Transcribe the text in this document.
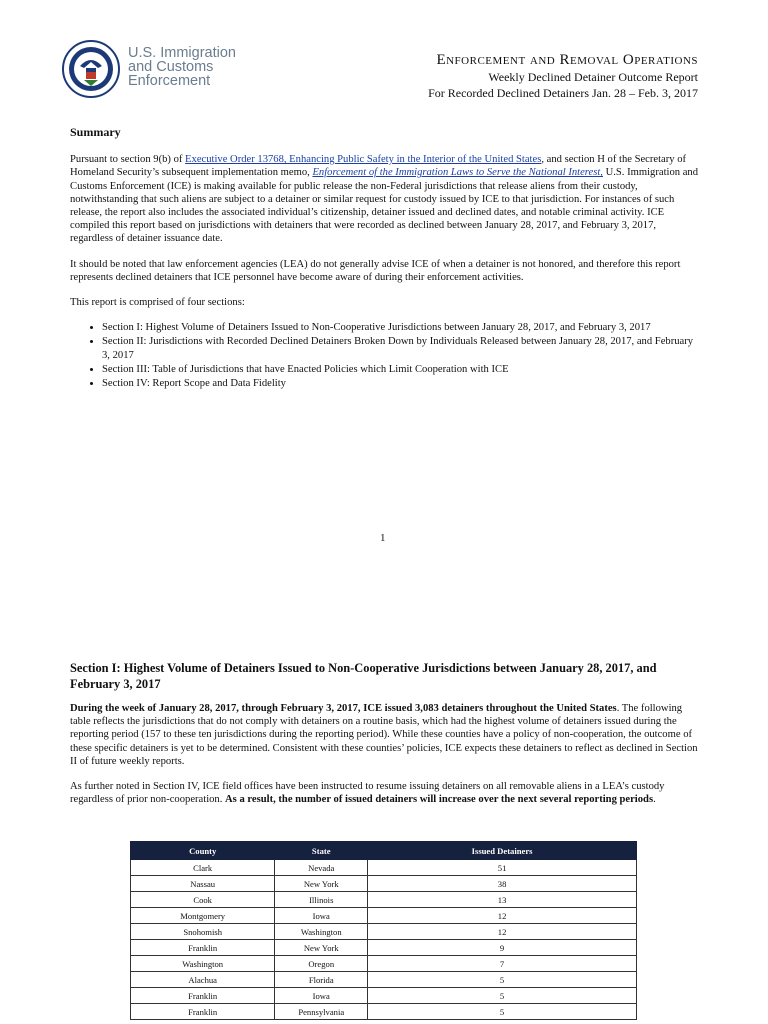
U.S. Immigration
and Customs
Enforcement
Enforcement and Removal Operations
Weekly Declined Detainer Outcome Report
For Recorded Declined Detainers Jan. 28 – Feb. 3, 2017
Summary

Pursuant to section 9(b) of Executive Order 13768, Enhancing Public Safety in the Interior of the United States, and section H of the Secretary of Homeland Security’s subsequent implementation memo, Enforcement of the Immigration Laws to Serve the National Interest, U.S. Immigration and Customs Enforcement (ICE) is making available for public release the non-Federal jurisdictions that release aliens from their custody, notwithstanding that such aliens are subject to a detainer or similar request for custody issued by ICE to that jurisdiction. For instances of such release, the report also includes the associated individual’s citizenship, detainer issued and declined dates, and notable criminal activity. ICE compiled this report based on jurisdictions with detainers that were recorded as declined between January 28, 2017, and February 3, 2017, regardless of detainer issuance date.

It should be noted that law enforcement agencies (LEA) do not generally advise ICE of when a detainer is not honored, and therefore this report represents declined detainers that ICE personnel have become aware of during their enforcement activities.

This report is comprised of four sections:

• Section I: Highest Volume of Detainers Issued to Non-Cooperative Jurisdictions between January 28, 2017, and February 3, 2017
• Section II: Jurisdictions with Recorded Declined Detainers Broken Down by Individuals Released between January 28, 2017, and February 3, 2017
• Section III: Table of Jurisdictions that have Enacted Policies which Limit Cooperation with ICE
• Section IV: Report Scope and Data Fidelity
1
Section I: Highest Volume of Detainers Issued to Non-Cooperative Jurisdictions between January 28, 2017, and February 3, 2017

During the week of January 28, 2017, through February 3, 2017, ICE issued 3,083 detainers throughout the United States. The following table reflects the jurisdictions that do not comply with detainers on a routine basis, which had the highest volume of detainers issued during the reporting period (157 to these ten jurisdictions during the reporting period). While these counties have a policy of non-cooperation, the outcome of these specific detainers is yet to be determined. Consistent with these counties’ policies, ICE expects these detainers to reflect as declined in Section II of future weekly reports.

As further noted in Section IV, ICE field offices have been instructed to resume issuing detainers on all removable aliens in a LEA’s custody regardless of prior non-cooperation. As a result, the number of issued detainers will increase over the next several reporting periods.

County	State	Issued Detainers
Clark	Nevada	51
Nassau	New York	38
Cook	Illinois	13
Montgomery	Iowa	12
Snohomish	Washington	12
Franklin	New York	9
Washington	Oregon	7
Alachua	Florida	5
Franklin	Iowa	5
Franklin	Pennsylvania	5
